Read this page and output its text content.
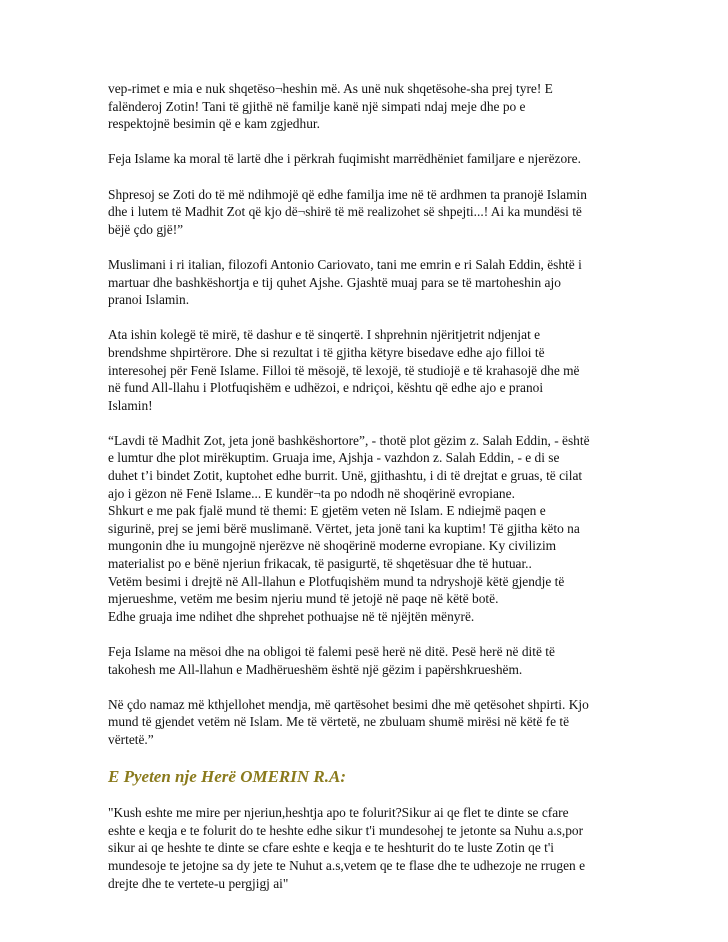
vep-rimet e mia e nuk shqetëso¬heshin më. As unë nuk shqetësohe-sha prej tyre! E
falënderoj Zotin! Tani të gjithë në familje kanë një simpati ndaj meje dhe po e
respektojnë besimin që e kam zgjedhur.

Feja Islame ka moral të lartë dhe i përkrah fuqimisht marrëdhëniet familjare e njerëzore.

Shpresoj se Zoti do të më ndihmojë që edhe familja ime në të ardhmen ta pranojë Islamin
dhe i lutem të Madhit Zot që kjo dë¬shirë të më realizohet së shpejti...! Ai ka mundësi të
bëjë çdo gjë!”

Muslimani i ri italian, filozofi Antonio Cariovato, tani me emrin e ri Salah Eddin, është i
martuar dhe bashkëshortja e tij quhet Ajshe. Gjashtë muaj para se të martoheshin ajo
pranoi Islamin.

Ata ishin kolegë të mirë, të dashur e të sinqertë. I shprehnin njëritjetrit ndjenjat e
brendshme shpirtërore. Dhe si rezultat i të gjitha këtyre bisedave edhe ajo filloi të
interesohej për Fenë Islame. Filloi të mësojë, të lexojë, të studiojë e të krahasojë dhe më
në fund All-llahu i Plotfuqishëm e udhëzoi, e ndriçoi, kështu që edhe ajo e pranoi
Islamin!

“Lavdi të Madhit Zot, jeta jonë bashkëshortore”, - thotë plot gëzim z. Salah Eddin, - është
e lumtur dhe plot mirëkuptim. Gruaja ime, Ajshja - vazhdon z. Salah Eddin, - e di se
duhet t’i bindet Zotit, kuptohet edhe burrit. Unë, gjithashtu, i di të drejtat e gruas, të cilat
ajo i gëzon në Fenë Islame... E kundër¬ta po ndodh në shoqërinë evropiane.

Shkurt e me pak fjalë mund të themi: E gjetëm veten në Islam. E ndiejmë paqen e
sigurinë, prej se jemi bërë muslimanë. Vërtet, jeta jonë tani ka kuptim! Të gjitha këto na
mungonin dhe iu mungojnë njerëzve në shoqërinë moderne evropiane. Ky civilizim
materialist po e bënë njeriun frikacak, të pasigurtë, të shqetësuar dhe të hutuar..

Vetëm besimi i drejtë në All-llahun e Plotfuqishëm mund ta ndryshojë këtë gjendje të
mjerueshme, vetëm me besim njeriu mund të jetojë në paqe në këtë botë.

Edhe gruaja ime ndihet dhe shprehet pothuajse në të njëjtën mënyrë.

Feja Islame na mësoi dhe na obligoi të falemi pesë herë në ditë. Pesë herë në ditë të
takohesh me All-llahun e Madhërueshëm është një gëzim i papërshkrueshëm.

Në çdo namaz më kthjellohet mendja, më qartësohet besimi dhe më qetësohet shpirti. Kjo
mund të gjendet vetëm në Islam. Me të vërtetë, ne zbuluam shumë mirësi në këtë fe të
vërtetë.”

E Pyeten nje Herë OMERIN R.A:

"Kush eshte me mire per njeriun,heshtja apo te folurit?Sikur ai qe flet te dinte se cfare
eshte e keqja e te folurit do te heshte edhe sikur t'i mundesohej te jetonte sa Nuhu a.s,por
sikur ai qe heshte te dinte se cfare eshte e keqja e te heshturit do te luste Zotin qe t'i
mundesoje te jetojne sa dy jete te Nuhut a.s,vetem qe te flase dhe te udhezoje ne rrugen e
drejte dhe te vertete-u pergjigj ai"
